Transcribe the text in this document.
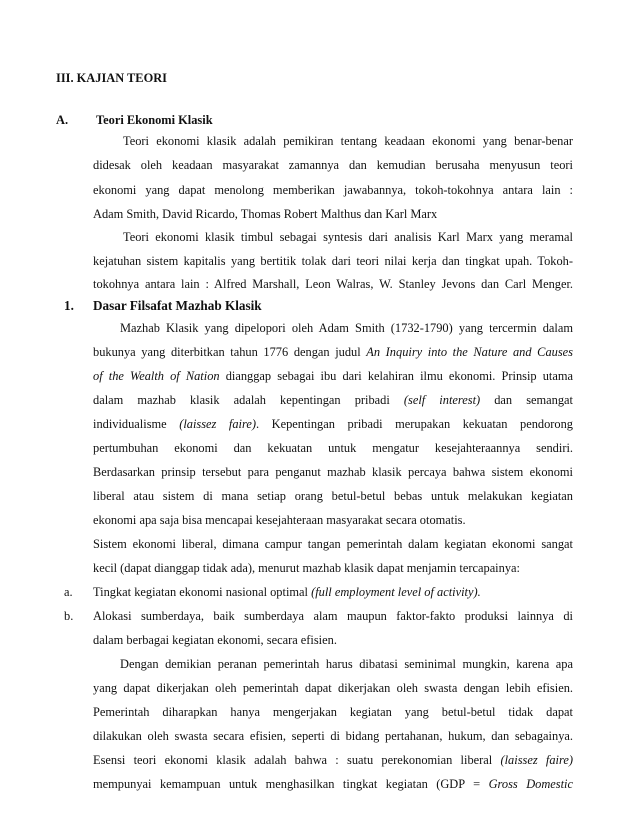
III. KAJIAN TEORI
A. Teori Ekonomi Klasik
Teori ekonomi klasik adalah pemikiran tentang keadaan ekonomi yang benar-benar
didesak oleh keadaan masyarakat zamannya dan kemudian berusaha menyusun teori
ekonomi yang dapat menolong memberikan jawabannya, tokoh-tokohnya antara lain :
Adam Smith, David Ricardo, Thomas Robert Malthus dan Karl Marx
Teori ekonomi klasik timbul sebagai syntesis dari analisis Karl Marx yang meramal
kejatuhan sistem kapitalis yang bertitik tolak dari teori nilai kerja dan tingkat upah. Tokoh-
tokohnya antara lain : Alfred Marshall, Leon Walras, W. Stanley Jevons dan Carl Menger.
1. Dasar Filsafat Mazhab Klasik
Mazhab Klasik yang dipelopori oleh Adam Smith (1732-1790) yang tercermin dalam
bukunya yang diterbitkan tahun 1776 dengan judul An Inquiry into the Nature and Causes
of the Wealth of Nation dianggap sebagai ibu dari kelahiran ilmu ekonomi. Prinsip utama
dalam mazhab klasik adalah kepentingan pribadi (self interest) dan semangat
individualisme (laissez faire). Kepentingan pribadi merupakan kekuatan pendorong
pertumbuhan ekonomi dan kekuatan untuk mengatur kesejahteraannya sendiri.
Berdasarkan prinsip tersebut para penganut mazhab klasik percaya bahwa sistem ekonomi
liberal atau sistem di mana setiap orang betul-betul bebas untuk melakukan kegiatan
ekonomi apa saja bisa mencapai kesejahteraan masyarakat secara otomatis.
Sistem ekonomi liberal, dimana campur tangan pemerintah dalam kegiatan ekonomi sangat
kecil (dapat dianggap tidak ada), menurut mazhab klasik dapat menjamin tercapainya:
a. Tingkat kegiatan ekonomi nasional optimal (full employment level of activity).
b. Alokasi sumberdaya, baik sumberdaya alam maupun faktor-fakto produksi lainnya di
dalam berbagai kegiatan ekonomi, secara efisien.
Dengan demikian peranan pemerintah harus dibatasi seminimal mungkin, karena apa
yang dapat dikerjakan oleh pemerintah dapat dikerjakan oleh swasta dengan lebih efisien.
Pemerintah diharapkan hanya mengerjakan kegiatan yang betul-betul tidak dapat
dilakukan oleh swasta secara efisien, seperti di bidang pertahanan, hukum, dan sebagainya.
Esensi teori ekonomi klasik adalah bahwa : suatu perekonomian liberal (laissez faire)
mempunyai kemampuan untuk menghasilkan tingkat kegiatan (GDP = Gross Domestic
